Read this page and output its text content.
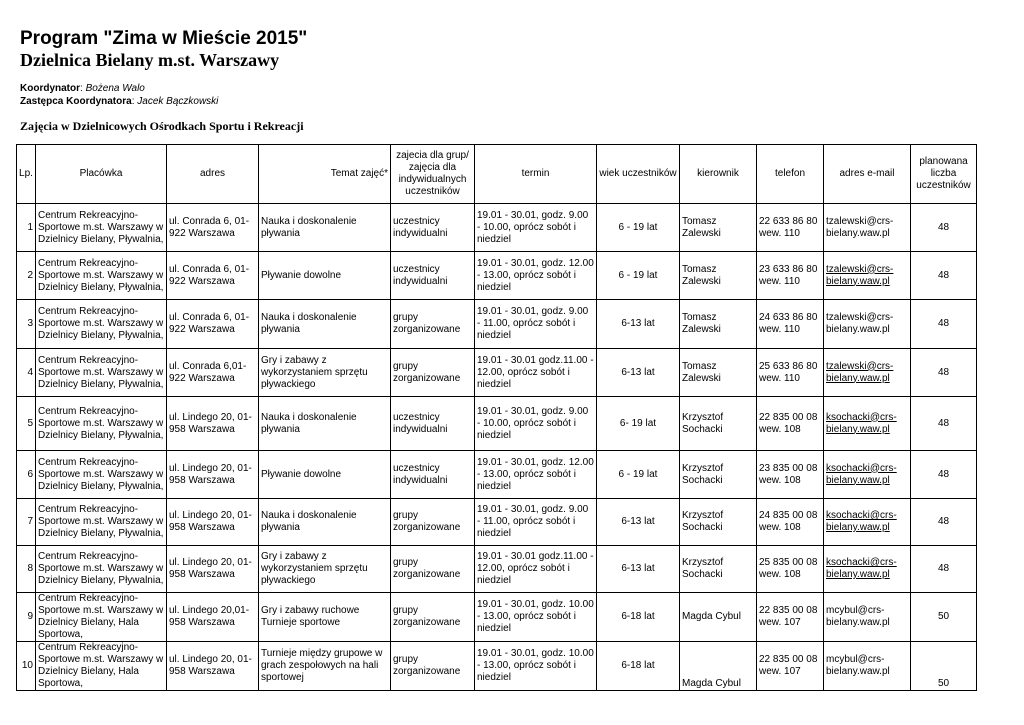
Program "Zima w Mieście 2015"
Dzielnica Bielany m.st. Warszawy
Koordynator: Bożena Walo
Zastępca Koordynatora: Jacek Bączkowski
Zajęcia w Dzielnicowych Ośrodkach Sportu i Rekreacji
Lp.	Placówka	adres	Temat zajęć*	zajecia dla grup/ zajęcia dla indywidualnych uczestników	termin	wiek uczestników	kierownik	telefon	adres e-mail	planowana liczba uczestników
1	Centrum Rekreacyjno-Sportowe m.st. Warszawy w Dzielnicy Bielany, Pływalnia,	ul. Conrada 6, 01-922 Warszawa	Nauka i doskonalenie pływania	uczestnicy indywidualni	19.01 - 30.01, godz. 9.00 - 10.00, oprócz sobót i niedziel	6 - 19 lat	Tomasz Zalewski	22 633 86 80 wew. 110	tzalewski@crs-bielany.waw.pl	48
2	Centrum Rekreacyjno-Sportowe m.st. Warszawy w Dzielnicy Bielany, Pływalnia,	ul. Conrada 6, 01-922 Warszawa	Pływanie dowolne	uczestnicy indywidualni	19.01 - 30.01, godz. 12.00 - 13.00, oprócz sobót i niedziel	6 - 19 lat	Tomasz Zalewski	23 633 86 80 wew. 110	tzalewski@crs-bielany.waw.pl	48
3	Centrum Rekreacyjno-Sportowe m.st. Warszawy w Dzielnicy Bielany, Pływalnia,	ul. Conrada 6, 01-922 Warszawa	Nauka i doskonalenie pływania	grupy zorganizowane	19.01 - 30.01, godz. 9.00 - 11.00, oprócz sobót i niedziel	6-13 lat	Tomasz Zalewski	24 633 86 80 wew. 110	tzalewski@crs-bielany.waw.pl	48
4	Centrum Rekreacyjno-Sportowe m.st. Warszawy w Dzielnicy Bielany, Pływalnia,	ul. Conrada 6,01-922 Warszawa	Gry i zabawy z wykorzystaniem sprzętu pływackiego	grupy zorganizowane	19.01 - 30.01 godz.11.00 - 12.00, oprócz sobót i niedziel	6-13 lat	Tomasz Zalewski	25 633 86 80 wew. 110	tzalewski@crs-bielany.waw.pl	48
5	Centrum Rekreacyjno-Sportowe m.st. Warszawy w Dzielnicy Bielany, Pływalnia,	ul. Lindego 20, 01-958 Warszawa	Nauka i doskonalenie pływania	uczestnicy indywidualni	19.01 - 30.01, godz. 9.00 - 10.00, oprócz sobót i niedziel	6- 19 lat	Krzysztof Sochacki	22 835 00 08 wew. 108	ksochacki@crs-bielany.waw.pl	48
6	Centrum Rekreacyjno-Sportowe m.st. Warszawy w Dzielnicy Bielany, Pływalnia,	ul. Lindego 20, 01-958 Warszawa	Pływanie dowolne	uczestnicy indywidualni	19.01 - 30.01, godz. 12.00 - 13.00, oprócz sobót i niedziel	6 - 19 lat	Krzysztof Sochacki	23 835 00 08 wew. 108	ksochacki@crs-bielany.waw.pl	48
7	Centrum Rekreacyjno-Sportowe m.st. Warszawy w Dzielnicy Bielany, Pływalnia,	ul. Lindego 20, 01-958 Warszawa	Nauka i doskonalenie pływania	grupy zorganizowane	19.01 - 30.01, godz. 9.00 - 11.00, oprócz sobót i niedziel	6-13 lat	Krzysztof Sochacki	24 835 00 08 wew. 108	ksochacki@crs-bielany.waw.pl	48
8	Centrum Rekreacyjno-Sportowe m.st. Warszawy w Dzielnicy Bielany, Pływalnia,	ul. Lindego 20, 01-958 Warszawa	Gry i zabawy z wykorzystaniem sprzętu pływackiego	grupy zorganizowane	19.01 - 30.01 godz.11.00 - 12.00, oprócz sobót i niedziel	6-13 lat	Krzysztof Sochacki	25 835 00 08 wew. 108	ksochacki@crs-bielany.waw.pl	48
9	Centrum Rekreacyjno-Sportowe m.st. Warszawy w Dzielnicy Bielany, Hala Sportowa,	ul. Lindego 20,01-958 Warszawa	Gry i zabawy ruchowe Turnieje sportowe	grupy zorganizowane	19.01 - 30.01, godz. 10.00 - 13.00, oprócz sobót i niedziel	6-18 lat	Magda Cybul	22 835 00 08 wew. 107	mcybul@crs-bielany.waw.pl	50
10	Centrum Rekreacyjno-Sportowe m.st. Warszawy w Dzielnicy Bielany, Hala Sportowa,	ul. Lindego 20, 01-958 Warszawa	Turnieje między grupowe w grach zespołowych na hali sportowej	grupy zorganizowane	19.01 - 30.01, godz. 10.00 - 13.00, oprócz sobót i niedziel	6-18 lat	Magda Cybul	22 835 00 08 wew. 107	mcybul@crs-bielany.waw.pl	50
